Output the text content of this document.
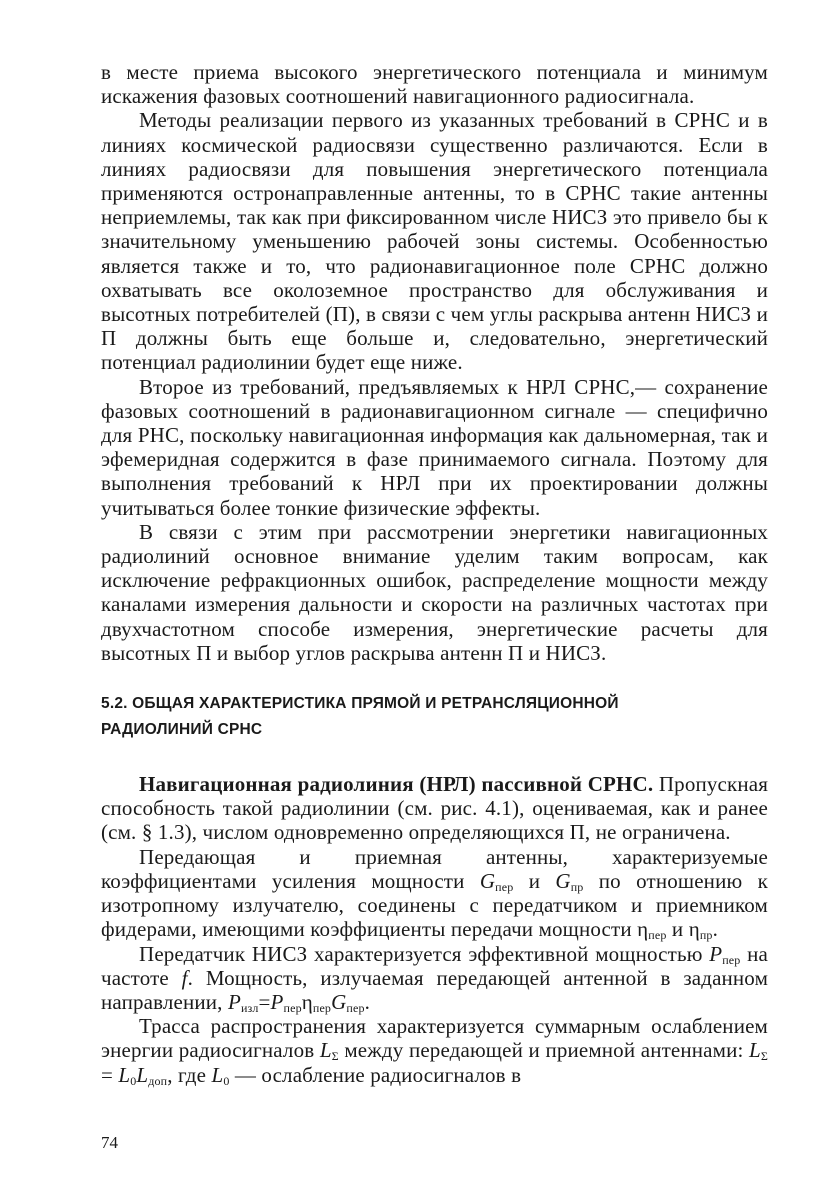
в месте приема высокого энергетического потенциала и минимум искажения фазовых соотношений навигационного радиосигнала.

Методы реализации первого из указанных требований в СРНС и в линиях космической радиосвязи существенно различаются. Если в линиях радиосвязи для повышения энергетического потенциала применяются остронаправленные антенны, то в СРНС такие антенны неприемлемы, так как при фиксированном числе НИСЗ это привело бы к значительному уменьшению рабочей зоны системы. Особенностью является также и то, что радионавигационное поле СРНС должно охватывать все околоземное пространство для обслуживания и высотных потребителей (П), в связи с чем углы раскрыва антенн НИСЗ и П должны быть еще больше и, следовательно, энергетический потенциал радиолинии будет еще ниже.

Второе из требований, предъявляемых к НРЛ СРНС,— сохранение фазовых соотношений в радионавигационном сигнале — специфично для РНС, поскольку навигационная информация как дальномерная, так и эфемеридная содержится в фазе принимаемого сигнала. Поэтому для выполнения требований к НРЛ при их проектировании должны учитываться более тонкие физические эффекты.

В связи с этим при рассмотрении энергетики навигационных радиолиний основное внимание уделим таким вопросам, как исключение рефракционных ошибок, распределение мощности между каналами измерения дальности и скорости на различных частотах при двухчастотном способе измерения, энергетические расчеты для высотных П и выбор углов раскрыва антенн П и НИСЗ.

5.2. ОБЩАЯ ХАРАКТЕРИСТИКА ПРЯМОЙ И РЕТРАНСЛЯЦИОННОЙ
РАДИОЛИНИЙ СРНС

Навигационная радиолиния (НРЛ) пассивной СРНС. Пропускная способность такой радиолинии (см. рис. 4.1), оцениваемая, как и ранее (см. § 1.3), числом одновременно определяющихся П, не ограничена.

Передающая и приемная антенны, характеризуемые коэффициентами усиления мощности $G_{пер}$ и $G_{пр}$ по отношению к изотропному излучателю, соединены с передатчиком и приемником фидерами, имеющими коэффициенты передачи мощности $\eta_{пер}$ и $\eta_{пр}$.

Передатчик НИСЗ характеризуется эффективной мощностью $P_{пер}$ на частоте f. Мощность, излучаемая передающей антенной в заданном направлении, $P_{изл}=P_{пер}\eta_{пер}G_{пер}$.

Трасса распространения характеризуется суммарным ослаблением энергии радиосигналов $L_\Sigma$ между передающей и приемной антеннами: $L_\Sigma = L_0L_{доп}$, где $L_0$ — ослабление радиосигналов в

74
